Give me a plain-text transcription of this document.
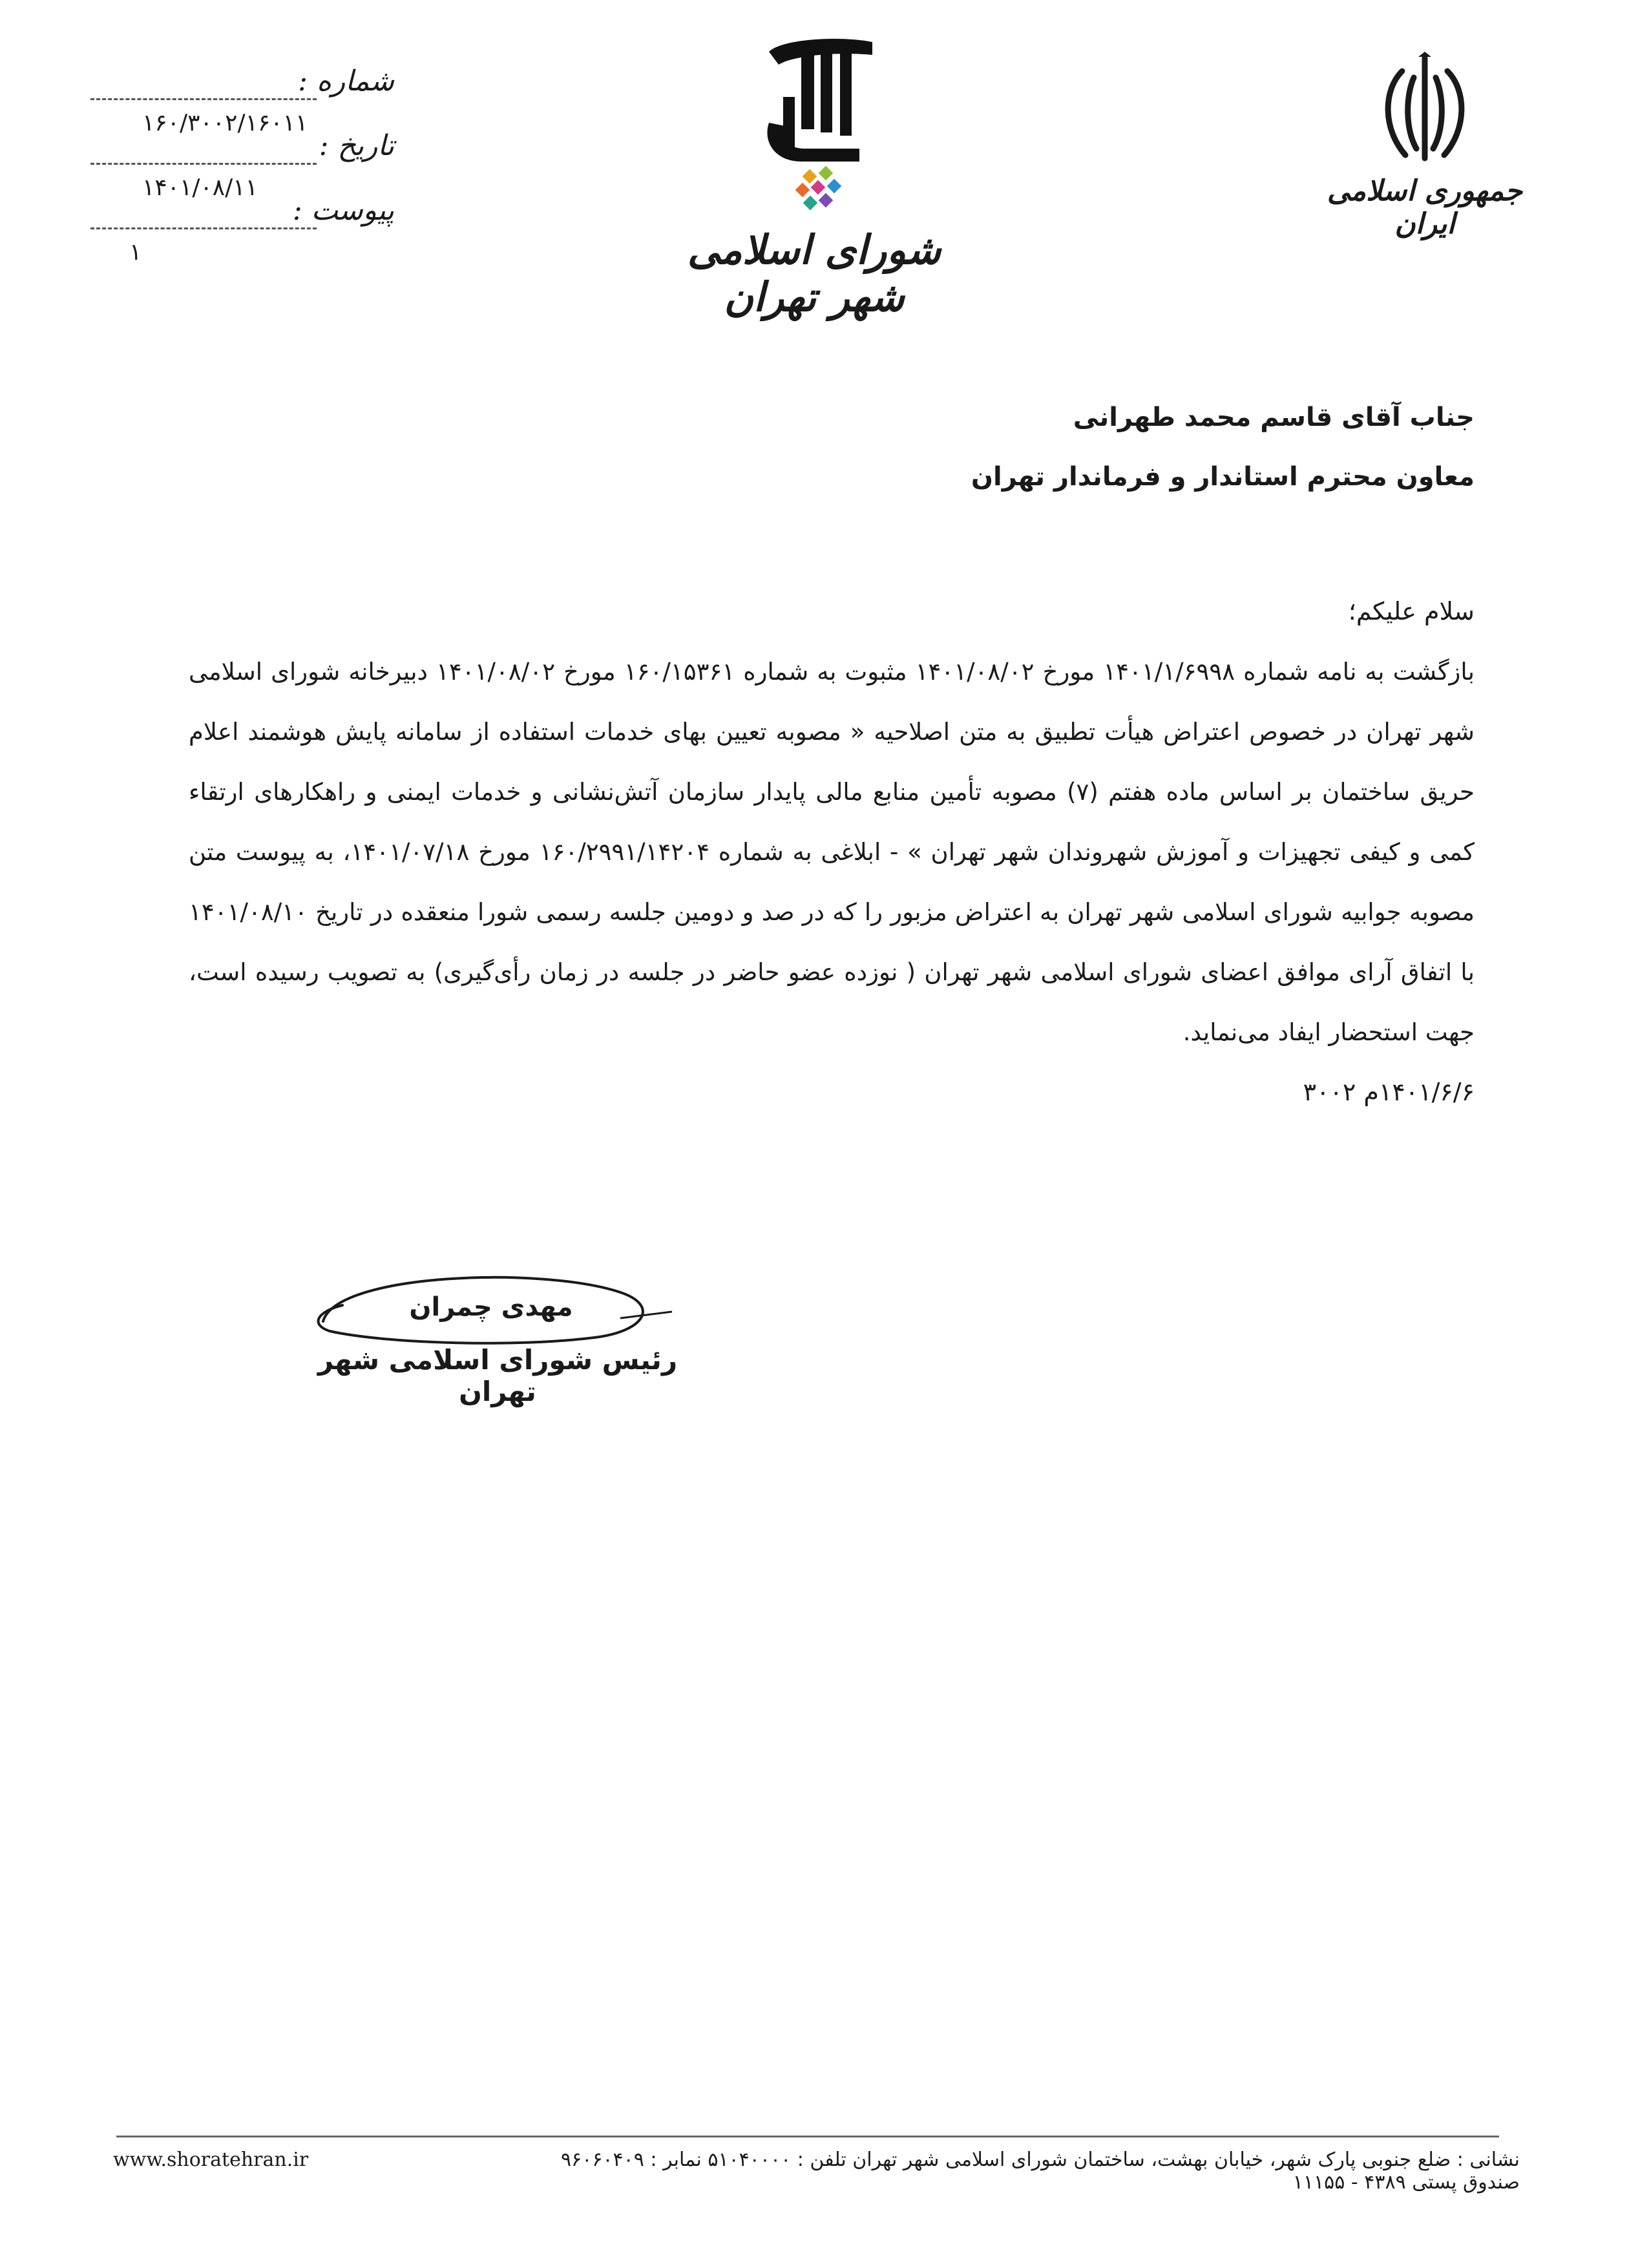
جمهوری اسلامی ایران
شورای اسلامی شهر تهران
شماره :
۱۶۰/۳۰۰۲/۱۶۰۱۱
تاریخ :
۱۴۰۱/۰۸/۱۱
پیوست :
۱
جناب آقای قاسم محمد طهرانی
معاون محترم استاندار و فرماندار تهران
سلام علیکم؛

بازگشت به نامه شماره ۱۴۰۱/۱/۶۹۹۸ مورخ ۱۴۰۱/۰۸/۰۲ مثبوت به شماره ۱۶۰/۱۵۳۶۱ مورخ ۱۴۰۱/۰۸/۰۲ دبیرخانه شورای اسلامی شهر تهران در خصوص اعتراض هیأت تطبیق به متن اصلاحیه « مصوبه تعیین بهای خدمات استفاده از سامانه پایش هوشمند اعلام حریق ساختمان بر اساس ماده هفتم (۷) مصوبه تأمین منابع مالی پایدار سازمان آتش‌نشانی و خدمات ایمنی و راهکارهای ارتقاء کمی و کیفی تجهیزات و آموزش شهروندان شهر تهران » - ابلاغی به شماره ۱۶۰/۲۹۹۱/۱۴۲۰۴ مورخ ۱۴۰۱/۰۷/۱۸، به پیوست متن مصوبه جوابیه شورای اسلامی شهر تهران به اعتراض مزبور را که در صد و دومین جلسه رسمی شورا منعقده در تاریخ ۱۴۰۱/۰۸/۱۰ با اتفاق آرای موافق اعضای شورای اسلامی شهر تهران ( نوزده عضو حاضر در جلسه در زمان رأی‌گیری) به تصویب رسیده است، جهت استحضار ایفاد می‌نماید.

۱۴۰۱/۶/۶م ۳۰۰۲
مهدی چمران
رئیس شورای اسلامی شهر تهران
نشانی : ضلع جنوبی پارک شهر، خیابان بهشت، ساختمان شورای اسلامی شهر تهران تلفن : ۵۱۰۴۰۰۰۰ نمابر : ۹۶۰۶۰۴۰۹ صندوق پستی ۴۳۸۹ - ۱۱۱۵۵
www.shoratehran.ir
